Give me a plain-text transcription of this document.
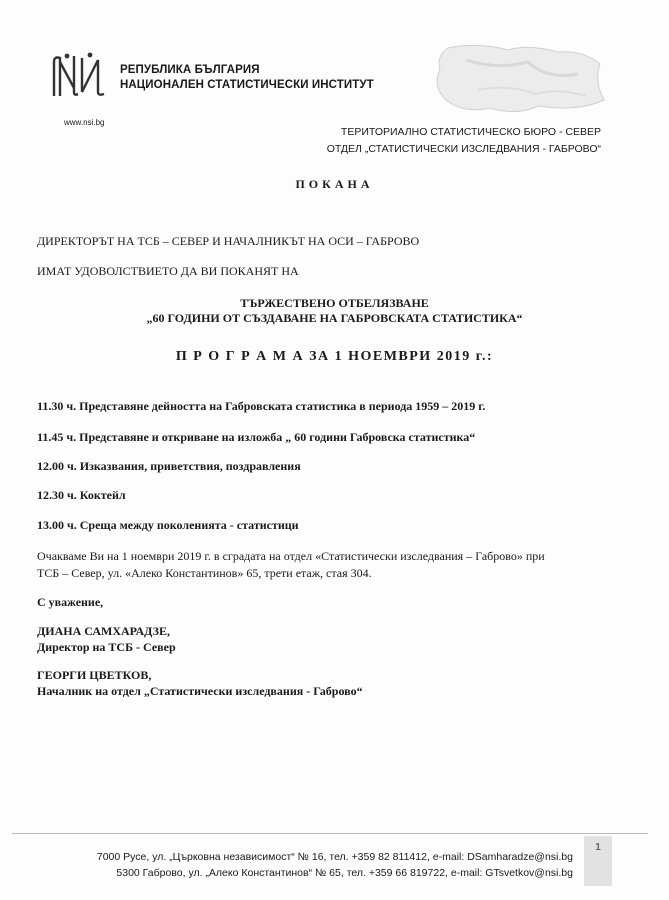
РЕПУБЛИКА БЪЛГАРИЯ
НАЦИОНАЛЕН СТАТИСТИЧЕСКИ ИНСТИТУТ
www.nsi.bg
ТЕРИТОРИАЛНО СТАТИСТИЧЕСКО БЮРО - СЕВЕР
ОТДЕЛ „СТАТИСТИЧЕСКИ ИЗСЛЕДВАНИЯ - ГАБРОВО“
ПОКАНА
ДИРЕКТОРЪТ НА ТСБ – СЕВЕР И НАЧАЛНИКЪТ НА ОСИ – ГАБРОВО
ИМАТ УДОВОЛСТВИЕТО ДА ВИ ПОКАНЯТ НА
ТЪРЖЕСТВЕНО ОТБЕЛЯЗВАНЕ
„60 ГОДИНИ ОТ СЪЗДАВАНЕ НА ГАБРОВСКАТА СТАТИСТИКА“
П Р О Г Р А М А ЗА 1 НОЕМВРИ 2019 г.:
11.30 ч. Представяне дейността на Габровската статистика в периода 1959 – 2019 г.
11.45 ч. Представяне и откриване на изложба „ 60 години Габровска статистика“
12.00 ч. Изказвания, приветствия, поздравления
12.30 ч. Коктейл
13.00 ч. Среща между поколенията - статистици
Очакваме Ви на 1 ноември 2019 г. в сградата на отдел «Статистически изследвания – Габрово» при
ТСБ – Север, ул. «Алеко Константинов» 65, трети етаж, стая 304.
С уважение,
ДИАНА САМХАРАДЗЕ,
Директор на ТСБ - Север
ГЕОРГИ ЦВЕТКОВ,
Началник на отдел „Статистически изследвания - Габрово“
7000 Русе, ул. „Църковна независимост“ № 16, тел. +359 82 811412, e-mail: DSamharadze@nsi.bg
5300 Габрово, ул. „Алеко Константинов“ № 65, тел. +359 66 819722, e-mail: GTsvetkov@nsi.bg
1
